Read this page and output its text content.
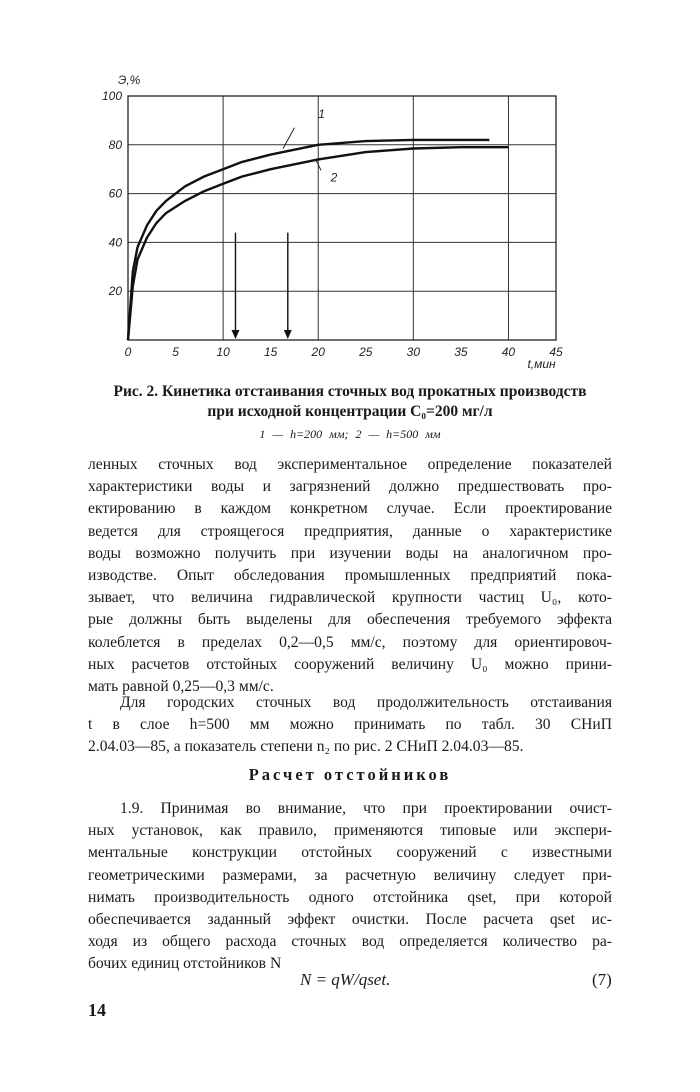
0	5	10	15	20	25	30	35	40	45
20
40
60
80
100
Э,%
t,мин
1
2
Рис. 2. Кинетика отстаивания сточных вод прокатных производств
при исходной концентрации C₀=200 мг/л
1 — h=200 мм; 2 — h=500 мм
ленных сточных вод экспериментальное определение показателей
характеристики воды и загрязнений должно предшествовать про-
ектированию в каждом конкретном случае. Если проектирование
ведется для строящегося предприятия, данные о характеристике
воды возможно получить при изучении воды на аналогичном про-
изводстве. Опыт обследования промышленных предприятий пока-
зывает, что величина гидравлической крупности частиц U₀, кото-
рые должны быть выделены для обеспечения требуемого эффекта
колеблется в пределах 0,2—0,5 мм/с, поэтому для ориентировоч-
ных расчетов отстойных сооружений величину U₀ можно прини-
мать равной 0,25—0,3 мм/с.
Для городских сточных вод продолжительность отстаивания
t в слое h=500 мм можно принимать по табл. 30 СНиП
2.04.03—85, а показатель степени n₂ по рис. 2 СНиП 2.04.03—85.
Расчет отстойников
1.9. Принимая во внимание, что при проектировании очист-
ных установок, как правило, применяются типовые или экспери-
ментальные конструкции отстойных сооружений с известными
геометрическими размерами, за расчетную величину следует при-
нимать производительность одного отстойника qset, при которой
обеспечивается заданный эффект очистки. После расчета qset ис-
ходя из общего расхода сточных вод определяется количество ра-
бочих единиц отстойников N
N = qW/qset.	(7)
14
